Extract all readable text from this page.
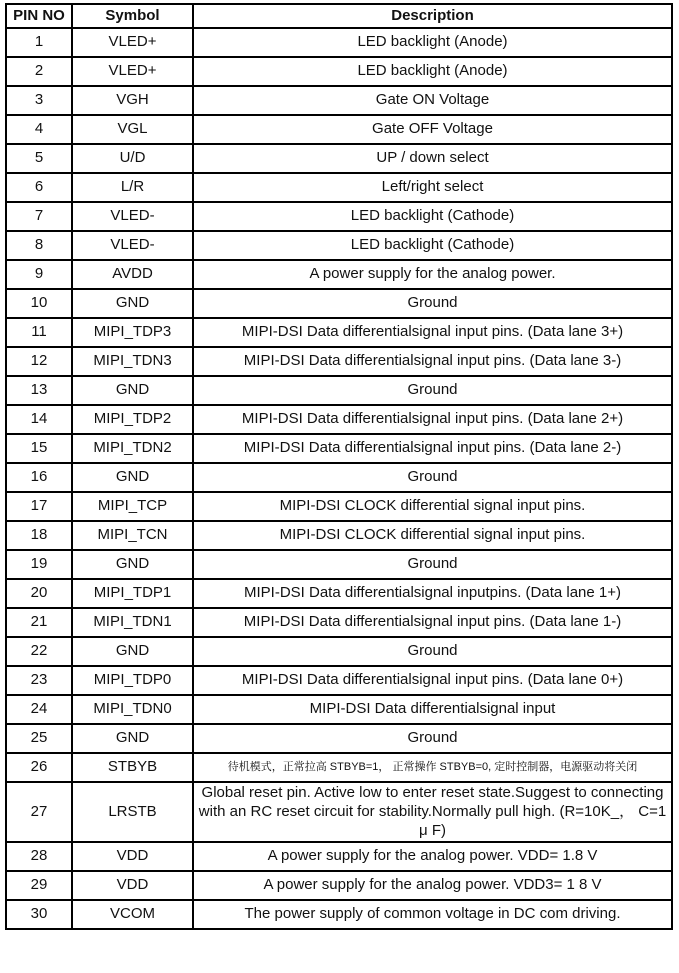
PIN NO	Symbol	Description
1	VLED+	LED backlight (Anode)
2	VLED+	LED backlight (Anode)
3	VGH	Gate ON Voltage
4	VGL	Gate OFF Voltage
5	U/D	UP / down select
6	L/R	Left/right select
7	VLED-	LED backlight (Cathode)
8	VLED-	LED backlight (Cathode)
9	AVDD	A power supply for the analog power.
10	GND	Ground
11	MIPI_TDP3	MIPI-DSI Data differentialsignal input pins. (Data lane 3+)
12	MIPI_TDN3	MIPI-DSI Data differentialsignal input pins. (Data lane 3-)
13	GND	Ground
14	MIPI_TDP2	MIPI-DSI Data differentialsignal input pins. (Data lane 2+)
15	MIPI_TDN2	MIPI-DSI Data differentialsignal input pins. (Data lane 2-)
16	GND	Ground
17	MIPI_TCP	MIPI-DSI CLOCK differential signal input pins.
18	MIPI_TCN	MIPI-DSI CLOCK differential signal input pins.
19	GND	Ground
20	MIPI_TDP1	MIPI-DSI Data differentialsignal inputpins. (Data lane 1+)
21	MIPI_TDN1	MIPI-DSI Data differentialsignal input pins. (Data lane 1-)
22	GND	Ground
23	MIPI_TDP0	MIPI-DSI Data differentialsignal input pins. (Data lane 0+)
24	MIPI_TDN0	MIPI-DSI Data differentialsignal input
25	GND	Ground
26	STBYB	待机模式，正常拉高 STBYB=1， 正常操作 STBYB=0, 定时控制器，电源驱动将关闭
27	LRSTB	Global reset pin. Active low to enter reset state.Suggest to connecting with an RC reset circuit for stability.Normally pull high. (R=10K_， C=1 μ F)
28	VDD	A power supply for the analog power. VDD= 1.8 V
29	VDD	A power supply for the analog power. VDD3= 1 8 V
30	VCOM	The power supply of common voltage in DC com driving.
